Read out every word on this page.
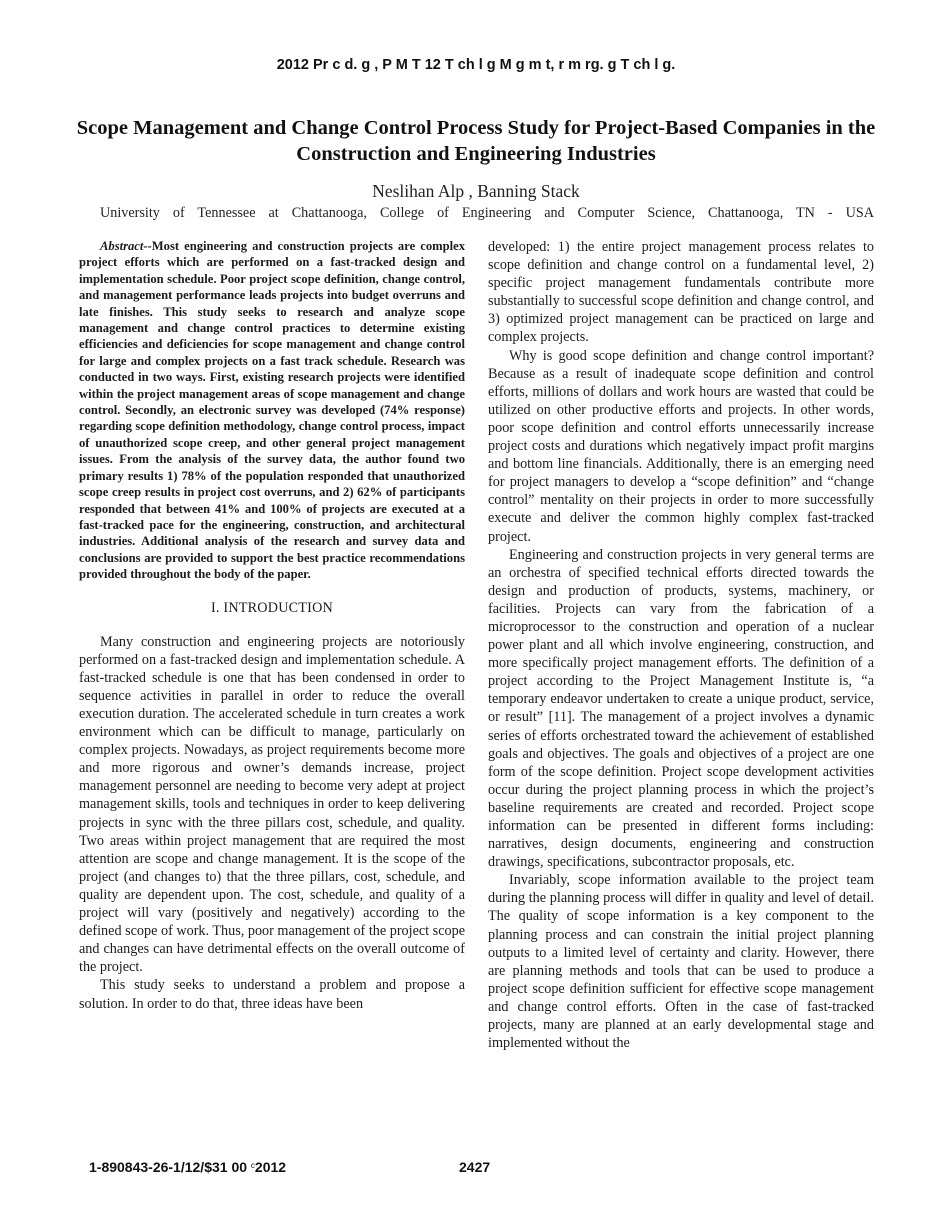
2012 Pr c d. g , P M T 12 T ch l g M g m t, r m rg. g T ch l g.
Scope Management and Change Control Process Study for Project-Based Companies in the Construction and Engineering Industries
Neslihan Alp , Banning Stack
University of Tennessee at Chattanooga, College of Engineering and Computer Science, Chattanooga, TN - USA

Abstract--Most engineering and construction projects are complex project efforts which are performed on a fast-tracked design and implementation schedule. Poor project scope definition, change control, and management performance leads projects into budget overruns and late finishes. This study seeks to research and analyze scope management and change control practices to determine existing efficiencies and deficiencies for scope management and change control for large and complex projects on a fast track schedule. Research was conducted in two ways. First, existing research projects were identified within the project management areas of scope management and change control. Secondly, an electronic survey was developed (74% response) regarding scope definition methodology, change control process, impact of unauthorized scope creep, and other general project management issues. From the analysis of the survey data, the author found two primary results 1) 78% of the population responded that unauthorized scope creep results in project cost overruns, and 2) 62% of participants responded that between 41% and 100% of projects are executed at a fast-tracked pace for the engineering, construction, and architectural industries. Additional analysis of the research and survey data and conclusions are provided to support the best practice recommendations provided throughout the body of the paper.

I. INTRODUCTION

Many construction and engineering projects are notoriously performed on a fast-tracked design and implementation schedule. A fast-tracked schedule is one that has been condensed in order to sequence activities in parallel in order to reduce the overall execution duration. The accelerated schedule in turn creates a work environment which can be difficult to manage, particularly on complex projects. Nowadays, as project requirements become more and more rigorous and owner’s demands increase, project management personnel are needing to become very adept at project management skills, tools and techniques in order to keep delivering projects in sync with the three pillars cost, schedule, and quality. Two areas within project management that are required the most attention are scope and change management. It is the scope of the project (and changes to) that the three pillars, cost, schedule, and quality are dependent upon. The cost, schedule, and quality of a project will vary (positively and negatively) according to the defined scope of work. Thus, poor management of the project scope and changes can have detrimental effects on the overall outcome of the project.

This study seeks to understand a problem and propose a solution. In order to do that, three ideas have been

developed: 1) the entire project management process relates to scope definition and change control on a fundamental level, 2) specific project management fundamentals contribute more substantially to successful scope definition and change control, and 3) optimized project management can be practiced on large and complex projects.

Why is good scope definition and change control important? Because as a result of inadequate scope definition and control efforts, millions of dollars and work hours are wasted that could be utilized on other productive efforts and projects. In other words, poor scope definition and control efforts unnecessarily increase project costs and durations which negatively impact profit margins and bottom line financials. Additionally, there is an emerging need for project managers to develop a “scope definition” and “change control” mentality on their projects in order to more successfully execute and deliver the common highly complex fast-tracked project.

Engineering and construction projects in very general terms are an orchestra of specified technical efforts directed towards the design and production of products, systems, machinery, or facilities. Projects can vary from the fabrication of a microprocessor to the construction and operation of a nuclear power plant and all which involve engineering, construction, and more specifically project management efforts. The definition of a project according to the Project Management Institute is, “a temporary endeavor undertaken to create a unique product, service, or result” [11]. The management of a project involves a dynamic series of efforts orchestrated toward the achievement of established goals and objectives. The goals and objectives of a project are one form of the scope definition. Project scope development activities occur during the project planning process in which the project’s baseline requirements are created and recorded. Project scope information can be presented in different forms including: narratives, design documents, engineering and construction drawings, specifications, subcontractor proposals, etc.

Invariably, scope information available to the project team during the planning process will differ in quality and level of detail. The quality of scope information is a key component to the planning process and can constrain the initial project planning outputs to a limited level of certainty and clarity. However, there are planning methods and tools that can be used to produce a project scope definition sufficient for effective scope management and change control efforts. Often in the case of fast-tracked projects, many are planned at an early developmental stage and implemented without the

1-890843-26-1/12/$31 00 $^c$2012	2427
